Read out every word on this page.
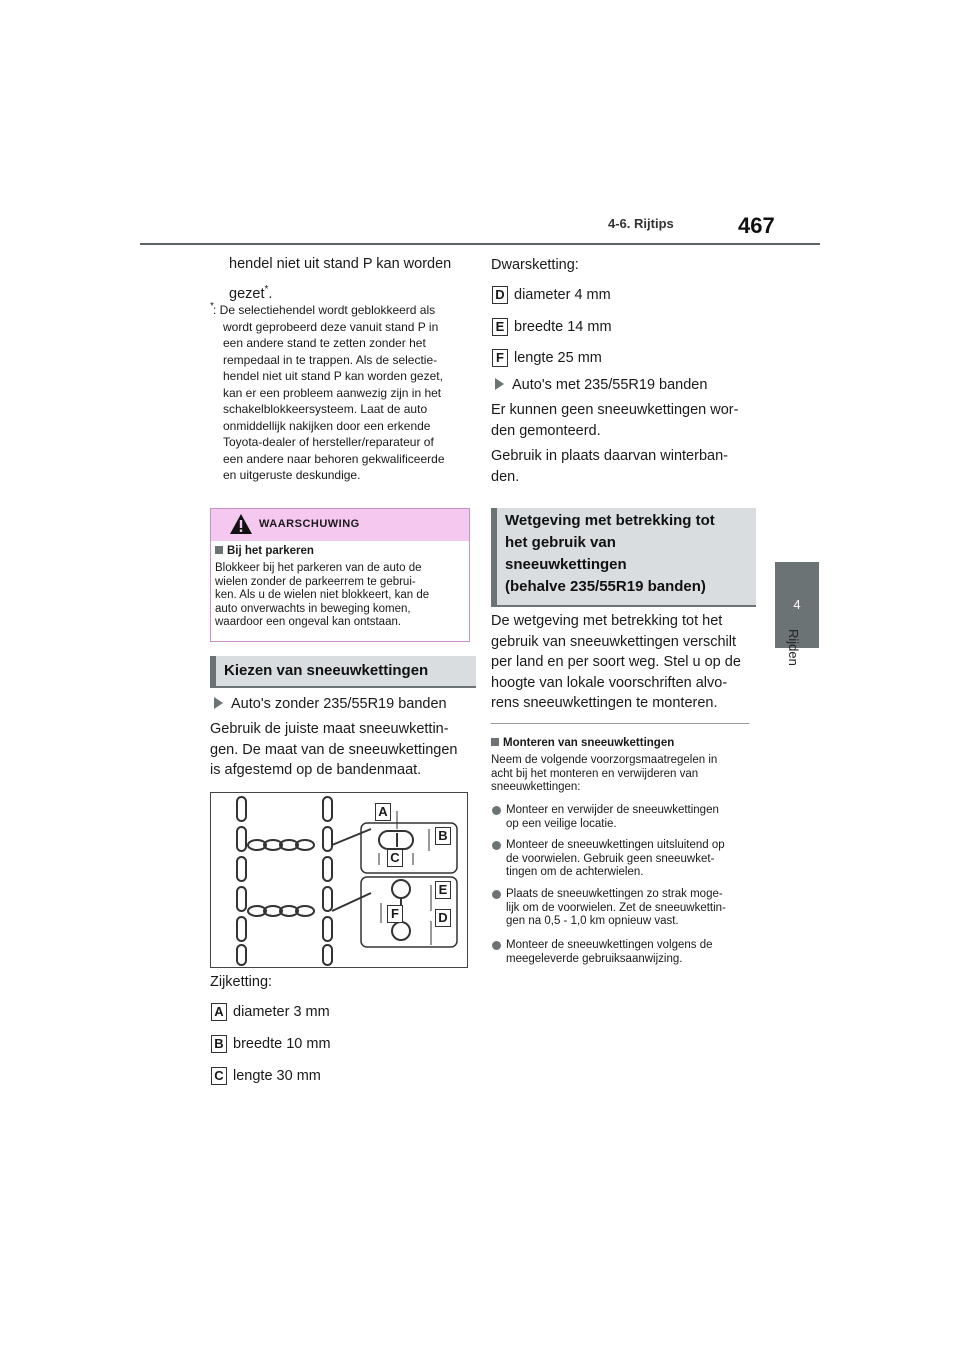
4-6. Rijtips	467
4
Rijden
hendel niet uit stand P kan worden
gezet*.
* : De selectiehendel wordt geblokkeerd als
wordt geprobeerd deze vanuit stand P in
een andere stand te zetten zonder het
rempedaal in te trappen. Als de selectie-
hendel niet uit stand P kan worden gezet,
kan er een probleem aanwezig zijn in het
schakelblokkeersysteem. Laat de auto
onmiddellijk nakijken door een erkende
Toyota-dealer of hersteller/reparateur of
een andere naar behoren gekwalificeerde
en uitgeruste deskundige.
WAARSCHUWING
Bij het parkeren
Blokkeer bij het parkeren van de auto de
wielen zonder de parkeerrem te gebrui-
ken. Als u de wielen niet blokkeert, kan de
auto onverwachts in beweging komen,
waardoor een ongeval kan ontstaan.
Kiezen van sneeuwkettingen
Auto's zonder 235/55R19 banden
Gebruik de juiste maat sneeuwkettin-
gen. De maat van de sneeuwkettingen
is afgestemd op de bandenmaat.
A
B
C
E
F	D
Zijketting:
A diameter 3 mm
B breedte 10 mm
C lengte 30 mm
Dwarsketting:
D diameter 4 mm
E breedte 14 mm
F lengte 25 mm
Auto's met 235/55R19 banden
Er kunnen geen sneeuwkettingen wor-
den gemonteerd.
Gebruik in plaats daarvan winterban-
den.
Wetgeving met betrekking tot
het gebruik van
sneeuwkettingen
(behalve 235/55R19 banden)
De wetgeving met betrekking tot het
gebruik van sneeuwkettingen verschilt
per land en per soort weg. Stel u op de
hoogte van lokale voorschriften alvo-
rens sneeuwkettingen te monteren.
Monteren van sneeuwkettingen
Neem de volgende voorzorgsmaatregelen in
acht bij het monteren en verwijderen van
sneeuwkettingen:
Monteer en verwijder de sneeuwkettingen
op een veilige locatie.
Monteer de sneeuwkettingen uitsluitend op
de voorwielen. Gebruik geen sneeuwket-
tingen om de achterwielen.
Plaats de sneeuwkettingen zo strak moge-
lijk om de voorwielen. Zet de sneeuwkettin-
gen na 0,5 - 1,0 km opnieuw vast.
Monteer de sneeuwkettingen volgens de
meegeleverde gebruiksaanwijzing.
